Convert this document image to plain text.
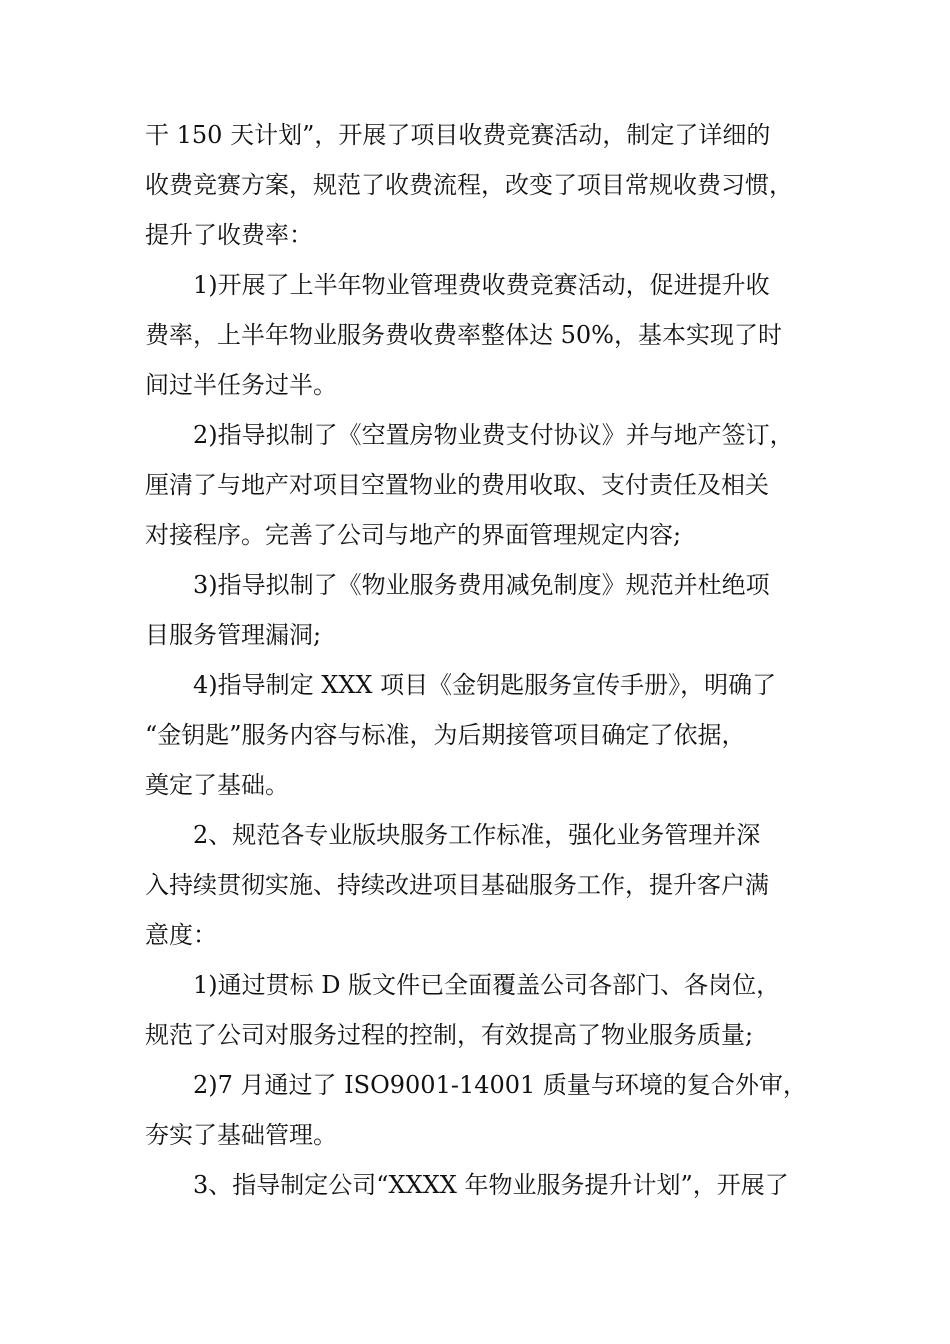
干 150 天计划”，开展了项目收费竞赛活动，制定了详细的
收费竞赛方案，规范了收费流程，改变了项目常规收费习惯，
提升了收费率：
1)开展了上半年物业管理费收费竞赛活动，促进提升收
费率，上半年物业服务费收费率整体达 50%，基本实现了时
间过半任务过半。
2)指导拟制了《空置房物业费支付协议》并与地产签订，
厘清了与地产对项目空置物业的费用收取、支付责任及相关
对接程序。完善了公司与地产的界面管理规定内容;
3)指导拟制了《物业服务费用减免制度》规范并杜绝项
目服务管理漏洞;
4)指导制定 XXX 项目《金钥匙服务宣传手册》，明确了
“金钥匙”服务内容与标准，为后期接管项目确定了依据，
奠定了基础。
2、规范各专业版块服务工作标准，强化业务管理并深
入持续贯彻实施、持续改进项目基础服务工作，提升客户满
意度：
1)通过贯标 D 版文件已全面覆盖公司各部门、各岗位，
规范了公司对服务过程的控制，有效提高了物业服务质量;
2)7 月通过了 ISO9001-14001 质量与环境的复合外审，
夯实了基础管理。
3、指导制定公司“XXXX 年物业服务提升计划”，开展了
